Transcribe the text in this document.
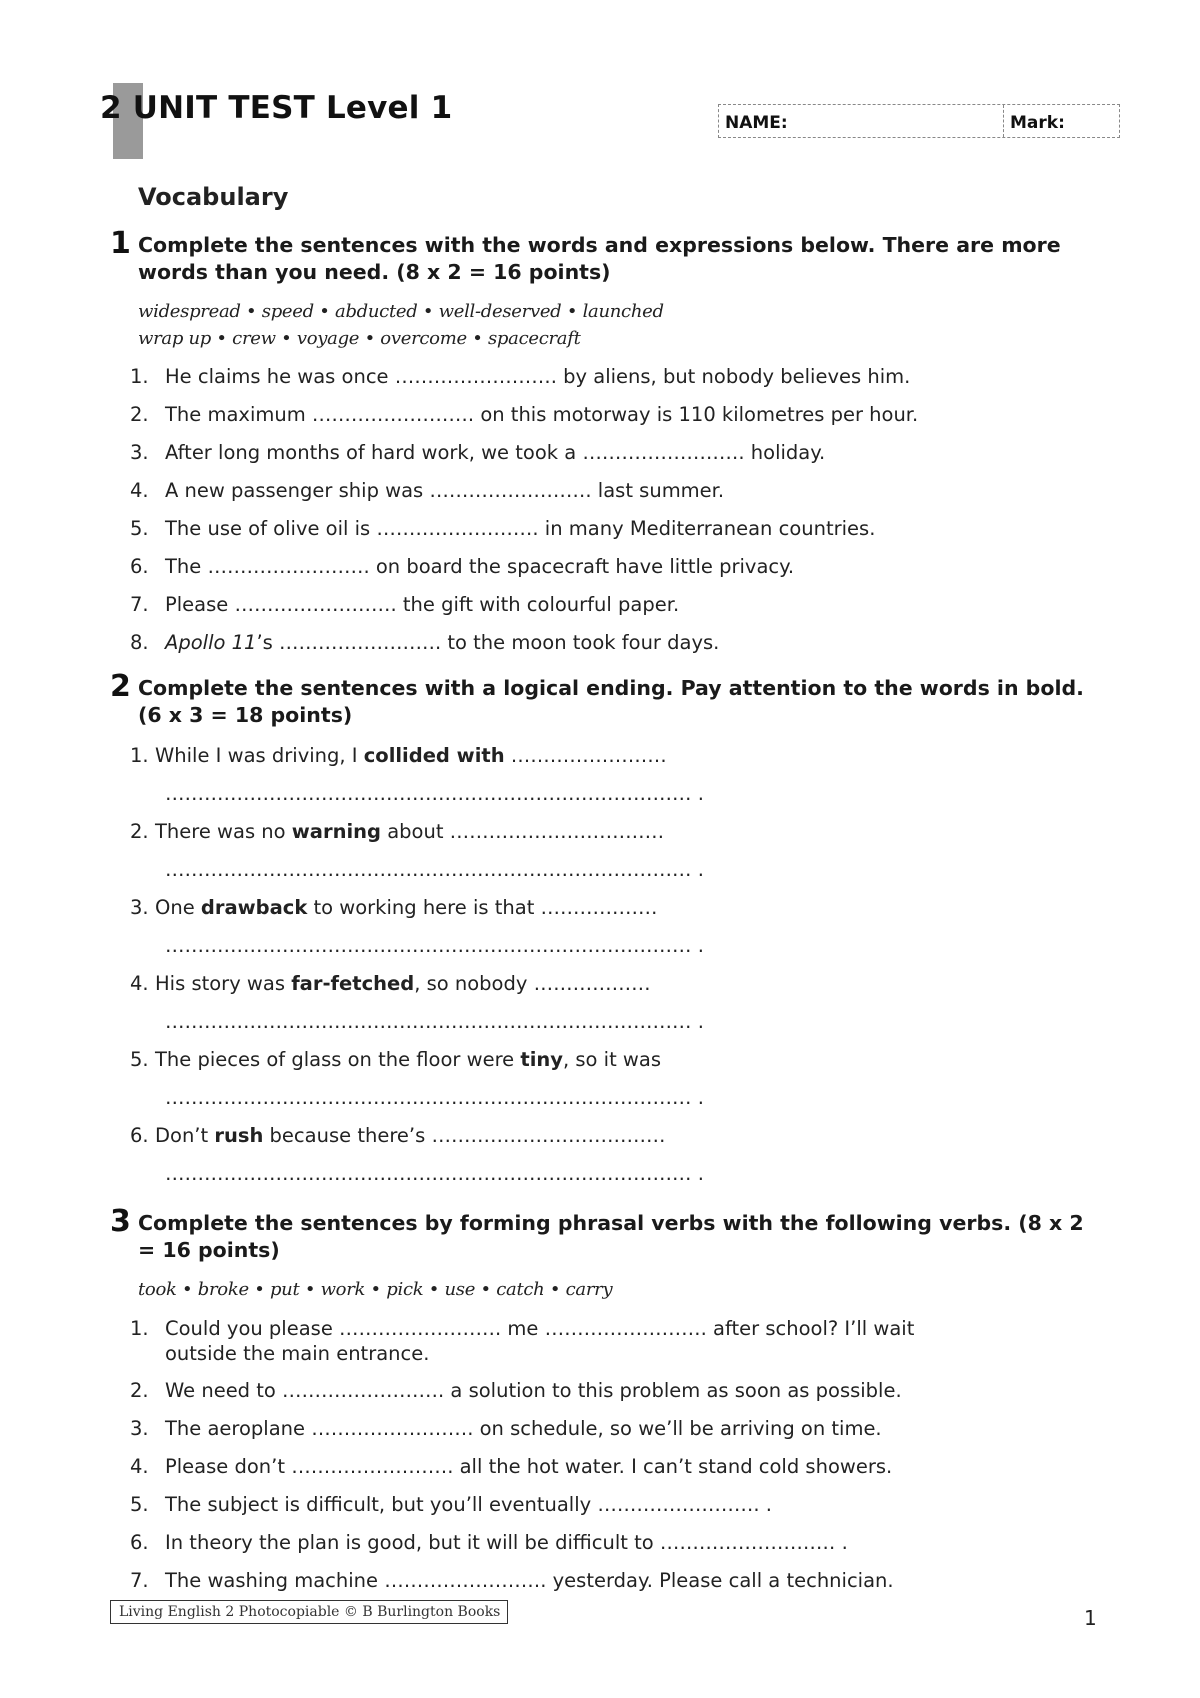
2 UNIT TEST Level 1	NAME:	Mark:
Vocabulary
1 Complete the sentences with the words and expressions below. There are more words than you need. (8 x 2 = 16 points)
widespread • speed • abducted • well-deserved • launched
wrap up • crew • voyage • overcome • spacecraft
1. He claims he was once ……………………. by aliens, but nobody believes him.
2. The maximum ……………………. on this motorway is 110 kilometres per hour.
3. After long months of hard work, we took a ……………………. holiday.
4. A new passenger ship was ……………………. last summer.
5. The use of olive oil is ……………………. in many Mediterranean countries.
6. The ……………………. on board the spacecraft have little privacy.
7. Please ……………………. the gift with colourful paper.
8. Apollo 11’s ……………………. to the moon took four days.
2 Complete the sentences with a logical ending. Pay attention to the words in bold. (6 x 3 = 18 points)
1. While I was driving, I collided with ……………………
……………………………………………………………………… .
2. There was no warning about ……………………………
……………………………………………………………………… .
3. One drawback to working here is that ………………
……………………………………………………………………… .
4. His story was far-fetched, so nobody ………………
……………………………………………………………………… .
5. The pieces of glass on the floor were tiny, so it was
……………………………………………………………………… .
6. Don’t rush because there’s ………………………………
……………………………………………………………………… .
3 Complete the sentences by forming phrasal verbs with the following verbs. (8 x 2 = 16 points)
took • broke • put • work • pick • use • catch • carry
1. Could you please ……………………. me ……………………. after school? I’ll wait
outside the main entrance.
2. We need to ……………………. a solution to this problem as soon as possible.
3. The aeroplane ……………………. on schedule, so we’ll be arriving on time.
4. Please don’t ……………………. all the hot water. I can’t stand cold showers.
5. The subject is difficult, but you’ll eventually ……………………. .
6. In theory the plan is good, but it will be difficult to ……………………… .
7. The washing machine ……………………. yesterday. Please call a technician.
Living English 2 Photocopiable © B Burlington Books	1
